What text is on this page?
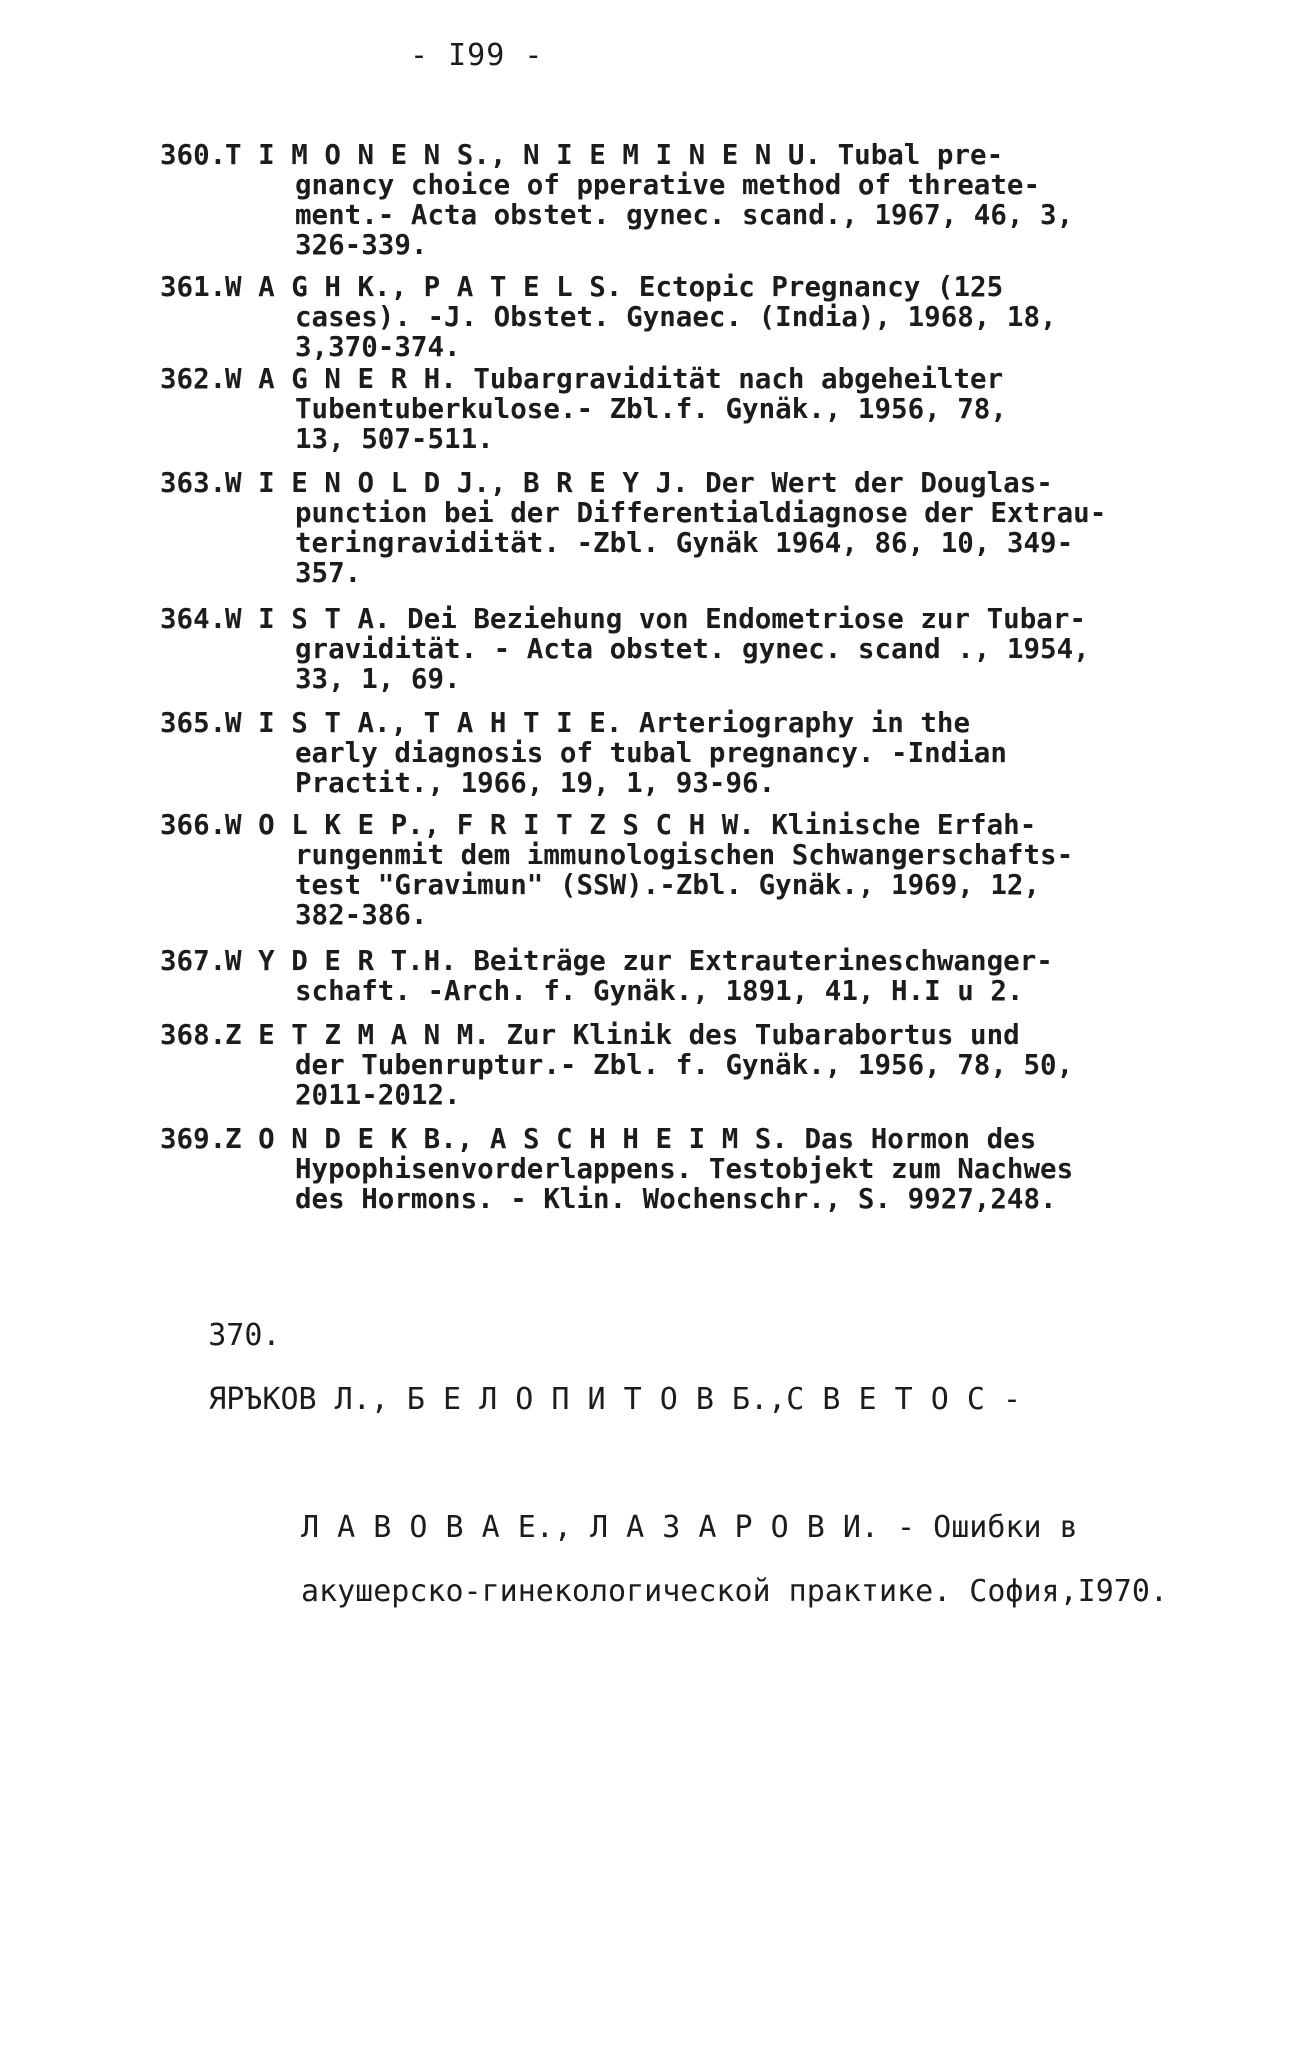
- I99 -
360.
T I M O N E N S., N I E M I N E N U. Tubal pre-
gnancy choice of pperative method of threate-
ment.- Acta obstet. gynec. scand., 1967, 46, 3,
326-339.
361.
W A G H K., P A T E L S. Ectopic Pregnancy (125
cases). -J. Obstet. Gynaec. (India), 1968, 18,
3,370-374.
362.
W A G N E R H. Tubargravidität nach abgeheilter
Tubentuberkulose.- Zbl.f. Gynäk., 1956, 78,
13, 507-511.
363.
W I E N O L D J., B R E Y J. Der Wert der Douglas-
punction bei der Differentialdiagnose der Extrau-
teringravidität. -Zbl. Gynäk 1964, 86, 10, 349-
357.
364.
W I S T A. Dei Beziehung von Endometriose zur Tubar-
gravidität. - Acta obstet. gynec. scand ., 1954,
33, 1, 69.
365.
W I S T A., T A H T I E. Arteriography in the
early diagnosis of tubal pregnancy. -Indian
Practit., 1966, 19, 1, 93-96.
366.
W O L K E P., F R I T Z S C H W. Klinische Erfah-
rungenmit dem immunologischen Schwangerschafts-
test "Gravimun" (SSW).-Zbl. Gynäk., 1969, 12,
382-386.
367.
W Y D E R T.H. Beiträge zur Extrauterineschwanger-
schaft. -Arch. f. Gynäk., 1891, 41, H.I u 2.
368.
Z E T Z M A N M. Zur Klinik des Tubarabortus und
der Tubenruptur.- Zbl. f. Gynäk., 1956, 78, 50,
2011-2012.
369.
Z O N D E K B., A S C H H E I M S. Das Hormon des
Hypophisenvorderlappens. Testobjekt zum Nachwes
des Hormons. - Klin. Wochenschr., S. 9927,248.

370.
ЯРЪКОВ Л., Б Е Л О П И Т О В Б.,С В Е Т О С -

Л А В О В А Е., Л А З А Р О В И. - Ошибки в
акушерско-гинекологической практике. София,I970.
